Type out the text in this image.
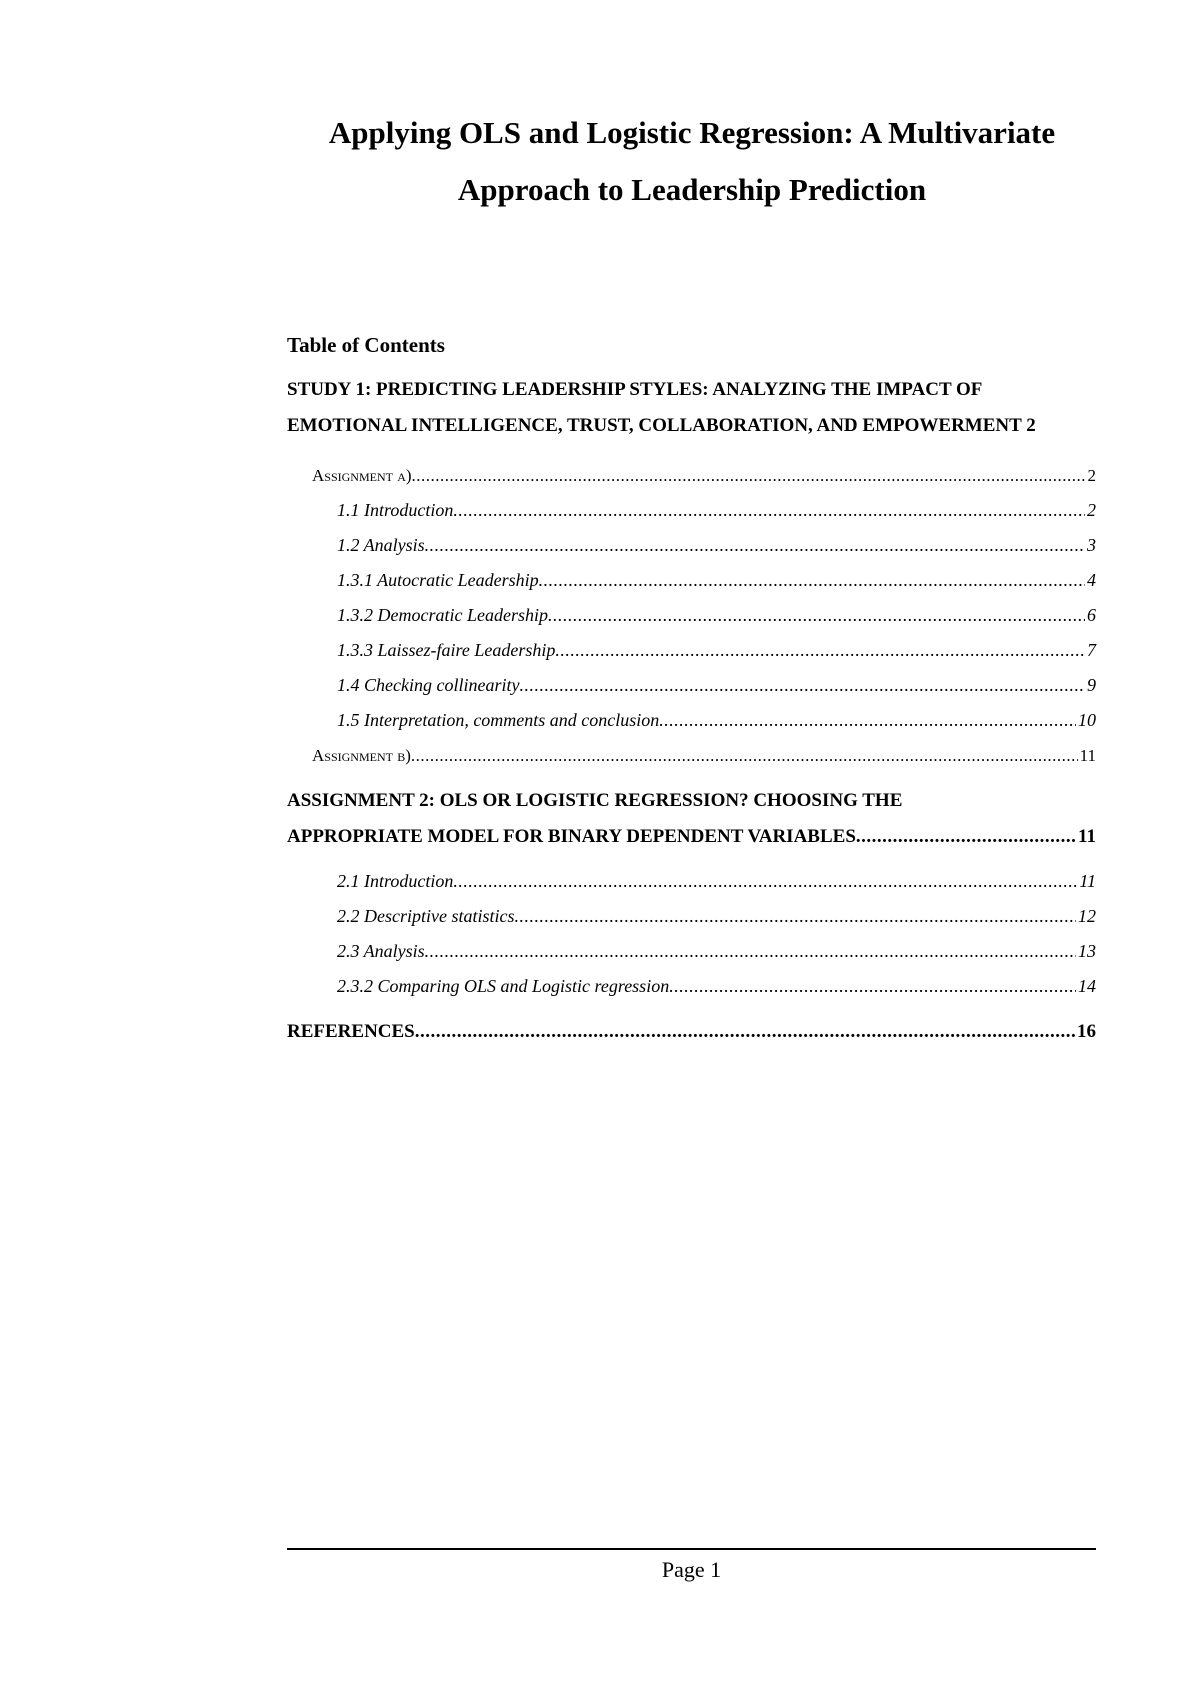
Applying OLS and Logistic Regression: A Multivariate
Approach to Leadership Prediction
Table of Contents
STUDY 1: PREDICTING LEADERSHIP STYLES: ANALYZING THE IMPACT OF
EMOTIONAL INTELLIGENCE, TRUST, COLLABORATION, AND EMPOWERMENT 2
Assignment a) .....	2
1.1 Introduction .....	2
1.2 Analysis .....	3
1.3.1 Autocratic Leadership .....	4
1.3.2 Democratic Leadership .....	6
1.3.3 Laissez-faire Leadership .....	7
1.4 Checking collinearity .....	9
1.5 Interpretation, comments and conclusion .....	10
Assignment b) .....	11
ASSIGNMENT 2: OLS OR LOGISTIC REGRESSION? CHOOSING THE
APPROPRIATE MODEL FOR BINARY DEPENDENT VARIABLES .....	11
2.1 Introduction .....	11
2.2 Descriptive statistics .....	12
2.3 Analysis .....	13
2.3.2 Comparing OLS and Logistic regression .....	14
REFERENCES .....	16
Page 1
